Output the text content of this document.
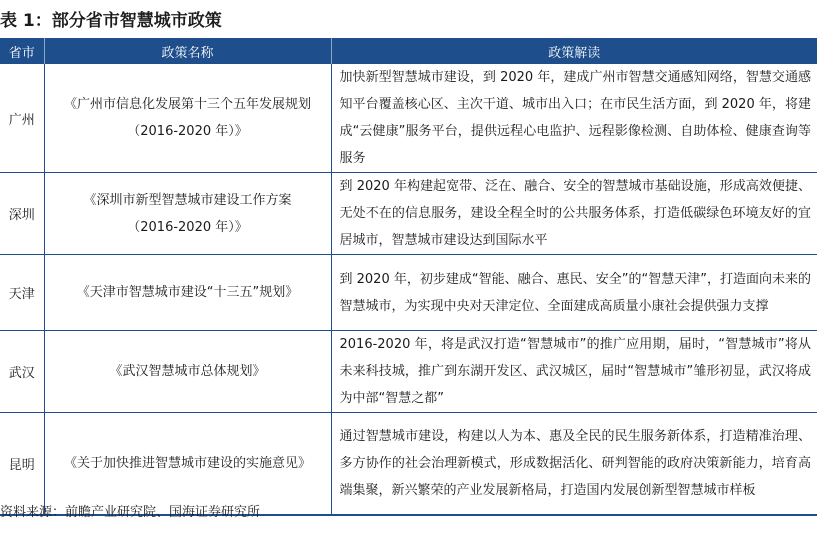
表 1：部分省市智慧城市政策
省市	政策名称	政策解读
广州	《广州市信息化发展第十三个五年发展规划（2016-2020 年）》	加快新型智慧城市建设，到 2020 年，建成广州市智慧交通感知网络，智慧交通感知平台覆盖核心区、主次干道、城市出入口；在市民生活方面，到 2020 年，将建成“云健康”服务平台，提供远程心电监护、远程影像检测、自助体检、健康查询等服务
深圳	《深圳市新型智慧城市建设工作方案（2016-2020 年）》	到 2020 年构建起宽带、泛在、融合、安全的智慧城市基础设施，形成高效便捷、无处不在的信息服务，建设全程全时的公共服务体系，打造低碳绿色环境友好的宜居城市，智慧城市建设达到国际水平
天津	《天津市智慧城市建设“十三五”规划》	到 2020 年，初步建成“智能、融合、惠民、安全”的“智慧天津”，打造面向未来的智慧城市，为实现中央对天津定位、全面建成高质量小康社会提供强力支撑
武汉	《武汉智慧城市总体规划》	2016-2020 年，将是武汉打造“智慧城市”的推广应用期，届时，“智慧城市”将从未来科技城，推广到东湖开发区、武汉城区，届时“智慧城市”雏形初显，武汉将成为中部“智慧之都”
昆明	《关于加快推进智慧城市建设的实施意见》	通过智慧城市建设，构建以人为本、惠及全民的民生服务新体系，打造精准治理、多方协作的社会治理新模式，形成数据活化、研判智能的政府决策新能力，培育高端集聚，新兴繁荣的产业发展新格局，打造国内发展创新型智慧城市样板
资料来源：前瞻产业研究院、国海证券研究所
